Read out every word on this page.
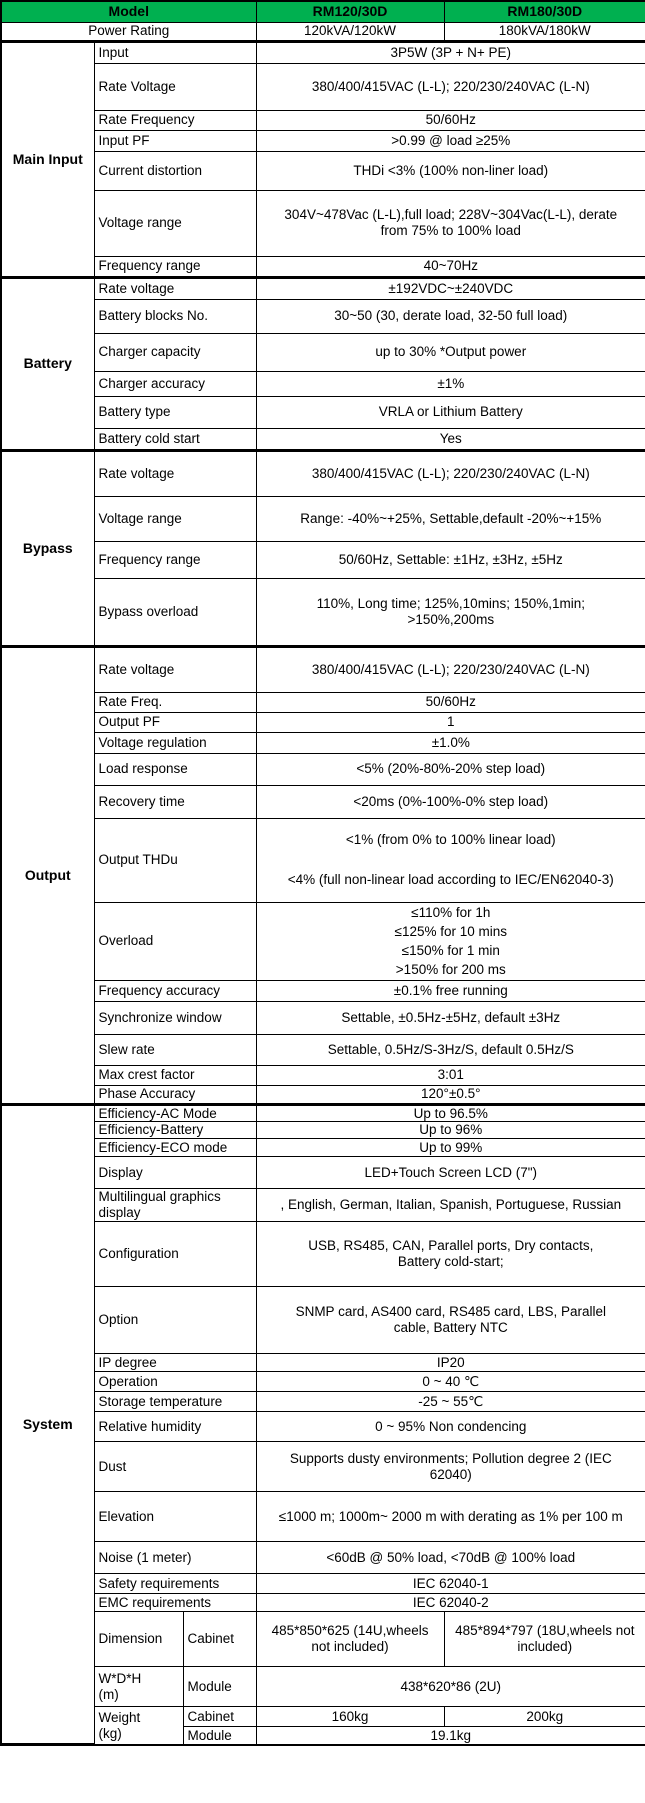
Model			RM120/30D	RM180/30D
Power Rating			120kVA/120kW	180kVA/180kW
Main Input	Input		3P5W (3P + N+ PE)	
	Rate Voltage		380/400/415VAC (L-L); 220/230/240VAC (L-N)	
	Rate Frequency		50/60Hz	
	Input PF		>0.99 @ load ≥25%	
	Current distortion		THDi <3% (100% non-liner load)	
	Voltage range		304V~478Vac (L-L),full load; 228V~304Vac(L-L), derate from 75% to 100% load	
	Frequency range		40~70Hz	
Battery	Rate voltage		±192VDC~±240VDC	
	Battery blocks No.		30~50 (30, derate load, 32-50 full load)	
	Charger capacity		up to 30% *Output power	
	Charger accuracy		±1%	
	Battery type		VRLA or Lithium Battery	
	Battery cold start		Yes	
Bypass	Rate voltage		380/400/415VAC (L-L); 220/230/240VAC (L-N)	
	Voltage range		Range: -40%~+25%, Settable,default -20%~+15%	
	Frequency range		50/60Hz, Settable: ±1Hz, ±3Hz, ±5Hz	
	Bypass overload		110%, Long time; 125%,10mins; 150%,1min; >150%,200ms	
Output	Rate voltage		380/400/415VAC (L-L); 220/230/240VAC (L-N)	
	Rate Freq.		50/60Hz	
	Output PF		1	
	Voltage regulation		±1.0%	
	Load response		<5% (20%-80%-20% step load)	
	Recovery time		<20ms (0%-100%-0% step load)	
	Output THDu		<1% (from 0% to 100% linear load)
<4% (full non-linear load according to IEC/EN62040-3)	

	Overload		≤110% for 1h
≤125% for 10 mins
≤150% for 1 min
>150% for 200 ms	

	Frequency accuracy		±0.1% free running	
	Synchronize window		Settable, ±0.5Hz-±5Hz, default ±3Hz	
	Slew rate		Settable, 0.5Hz/S-3Hz/S, default 0.5Hz/S	
	Max crest factor		3:01	
	Phase Accuracy		120°±0.5°	
System	Efficiency-AC Mode		Up to 96.5%	
	Efficiency-Battery		Up to 96%	
	Efficiency-ECO mode		Up to 99%	
	Display		LED+Touch Screen LCD (7")	
	Multilingual graphics display		, English, German, Italian, Spanish, Portuguese, Russian	
	Configuration		USB, RS485, CAN, Parallel ports, Dry contacts, Battery cold-start;	
	Option		SNMP card, AS400 card, RS485 card, LBS, Parallel cable, Battery NTC	
	IP degree		IP20	
	Operation		0 ~ 40 ℃	
	Storage temperature		-25 ~ 55℃	
	Relative humidity		0 ~ 95% Non condencing	
	Dust		Supports dusty environments; Pollution degree 2 (IEC 62040)	
	Elevation		≤1000 m; 1000m~ 2000 m with derating as 1% per 100 m	
	Noise (1 meter)		<60dB @ 50% load, <70dB @ 100% load	
	Safety requirements		IEC 62040-1	
	EMC requirements		IEC 62040-2	
	Dimension	Cabinet	485*850*625 (14U,wheels not included)	485*894*797 (18U,wheels not included)

	W*D*H
(m)	Module	438*620*86 (2U)	

	Weight
(kg)	Cabinet	160kg	200kg
		Module	19.1kg	
